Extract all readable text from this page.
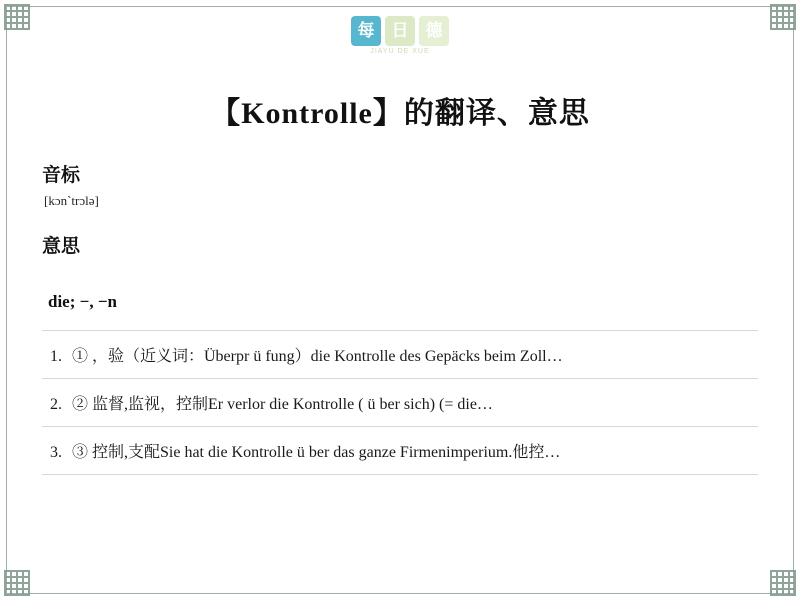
每	日	德
JIAYU DE XUE
【Kontrolle】的翻译、意思
音标
[kɔn`trɔlə]
意思
die; −, −n
1. ① ，验（近义词：Überpr ü fung）die Kontrolle des Gepäcks beim Zoll…
2. ② 监督,监视，控制Er verlor die Kontrolle ( ü ber sich) (= die…
3. ③ 控制,支配Sie hat die Kontrolle ü ber das ganze Firmenimperium.他控…
